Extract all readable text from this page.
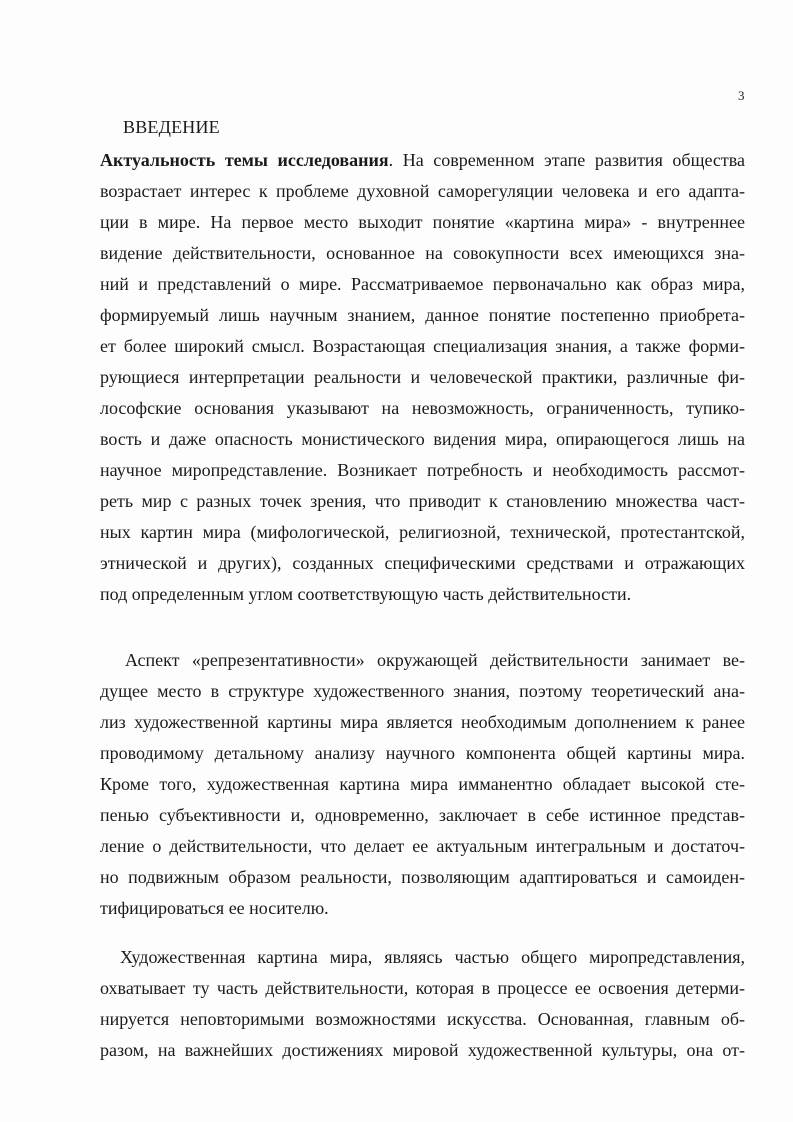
3
ВВЕДЕНИЕ
Актуальность темы исследования. На современном этапе развития общества
возрастает интерес к проблеме духовной саморегуляции человека и его адапта-
ции в мире. На первое место выходит понятие «картина мира» - внутреннее
видение действительности, основанное на совокупности всех имеющихся зна-
ний и представлений о мире. Рассматриваемое первоначально как образ мира,
формируемый лишь научным знанием, данное понятие постепенно приобрета-
ет более широкий смысл. Возрастающая специализация знания, а также форми-
рующиеся интерпретации реальности и человеческой практики, различные фи-
лософские основания указывают на невозможность, ограниченность, тупико-
вость и даже опасность монистического видения мира, опирающегося лишь на
научное миропредставление. Возникает потребность и необходимость рассмот-
реть мир с разных точек зрения, что приводит к становлению множества част-
ных картин мира (мифологической, религиозной, технической, протестантской,
этнической и других), созданных специфическими средствами и отражающих
под определенным углом соответствующую часть действительности.
Аспект «репрезентативности» окружающей действительности занимает ве-
дущее место в структуре художественного знания, поэтому теоретический ана-
лиз художественной картины мира является необходимым дополнением к ранее
проводимому детальному анализу научного компонента общей картины мира.
Кроме того, художественная картина мира имманентно обладает высокой сте-
пенью субъективности и, одновременно, заключает в себе истинное представ-
ление о действительности, что делает ее актуальным интегральным и достаточ-
но подвижным образом реальности, позволяющим адаптироваться и самоиден-
тифицироваться ее носителю.
Художественная картина мира, являясь частью общего миропредставления,
охватывает ту часть действительности, которая в процессе ее освоения детерми-
нируется неповторимыми возможностями искусства. Основанная, главным об-
разом, на важнейших достижениях мировой художественной культуры, она от-
